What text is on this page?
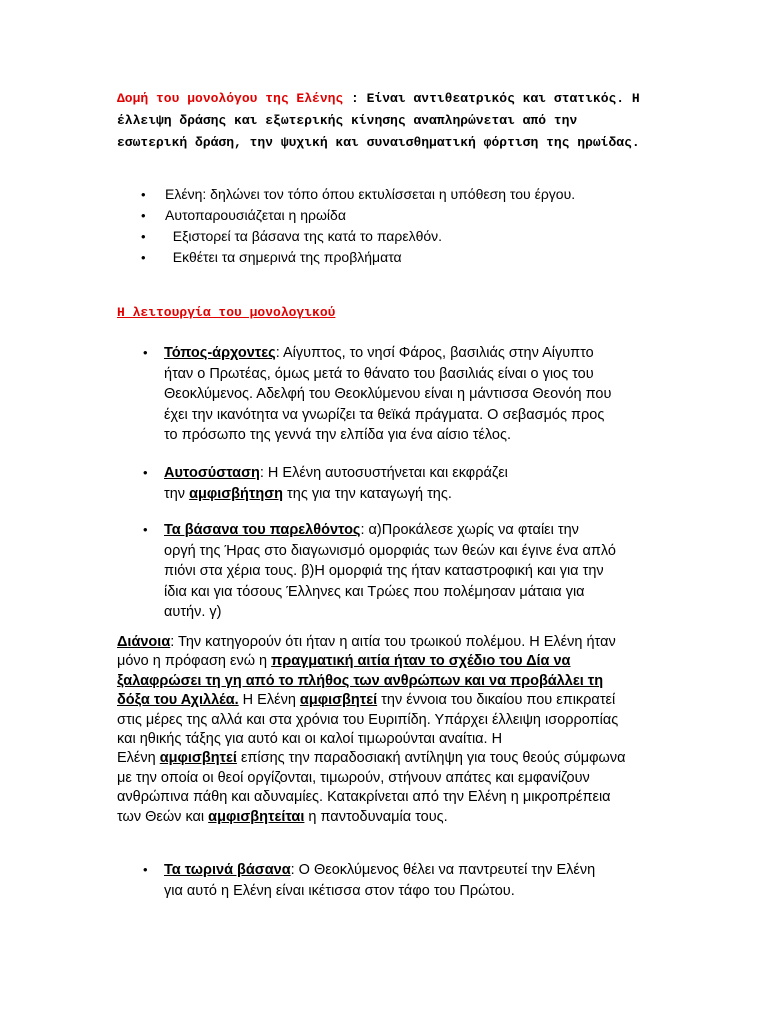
Δομή του μονολόγου της Ελένης : Είναι αντιθεατρικός και στατικός. Η
έλλειψη δράσης και εξωτερικής κίνησης αναπληρώνεται από την
εσωτερική δράση, την ψυχική και συναισθηματική φόρτιση της ηρωίδας.
• Ελένη: δηλώνει τον τόπο όπου εκτυλίσσεται η υπόθεση του έργου.
• Αυτοπαρουσιάζεται η ηρωίδα
•   Εξιστορεί τα βάσανα της κατά το παρελθόν.
•   Εκθέτει τα σημερινά της προβλήματα
Η λειτουργία του μονολογικού
• Τόπος-άρχοντες: Αίγυπτος, το νησί Φάρος, βασιλιάς στην Αίγυπτο
ήταν ο Πρωτέας, όμως μετά το θάνατο του βασιλιάς είναι ο γιος του
Θεοκλύμενος. Αδελφή του Θεοκλύμενου είναι η μάντισσα Θεονόη που
έχει την ικανότητα να γνωρίζει τα θεϊκά πράγματα. Ο σεβασμός προς
το πρόσωπο της γεννά την ελπίδα για ένα αίσιο τέλος.
• Αυτοσύσταση: Η Ελένη αυτοσυστήνεται και εκφράζει
την αμφισβήτηση της για την καταγωγή της.
• Τα βάσανα του παρελθόντος: α)Προκάλεσε χωρίς να φταίει την
οργή της Ήρας στο διαγωνισμό ομορφιάς των θεών και έγινε ένα απλό
πιόνι στα χέρια τους. β)Η ομορφιά της ήταν καταστροφική και για την
ίδια και για τόσους Έλληνες και Τρώες που πολέμησαν μάταια για
αυτήν. γ)
Διάνοια: Την κατηγορούν ότι ήταν η αιτία του τρωικού πολέμου. Η Ελένη ήταν
μόνο η πρόφαση ενώ η πραγματική αιτία ήταν το σχέδιο του Δία να
ξαλαφρώσει τη γη από το πλήθος των ανθρώπων και να προβάλλει τη
δόξα του Αχιλλέα. Η Ελένη αμφισβητεί την έννοια του δικαίου που επικρατεί
στις μέρες της αλλά και στα χρόνια του Ευριπίδη. Υπάρχει έλλειψη ισορροπίας
και ηθικής τάξης για αυτό και οι καλοί τιμωρούνται αναίτια. Η
Ελένη αμφισβητεί επίσης την παραδοσιακή αντίληψη για τους θεούς σύμφωνα
με την οποία οι θεοί οργίζονται, τιμωρούν, στήνουν απάτες και εμφανίζουν
ανθρώπινα πάθη και αδυναμίες. Κατακρίνεται από την Ελένη η μικροπρέπεια
των Θεών και αμφισβητείται η παντοδυναμία τους.
• Τα τωρινά βάσανα: Ο Θεοκλύμενος θέλει να παντρευτεί την Ελένη
για αυτό η Ελένη είναι ικέτισσα στον τάφο του Πρώτου.
